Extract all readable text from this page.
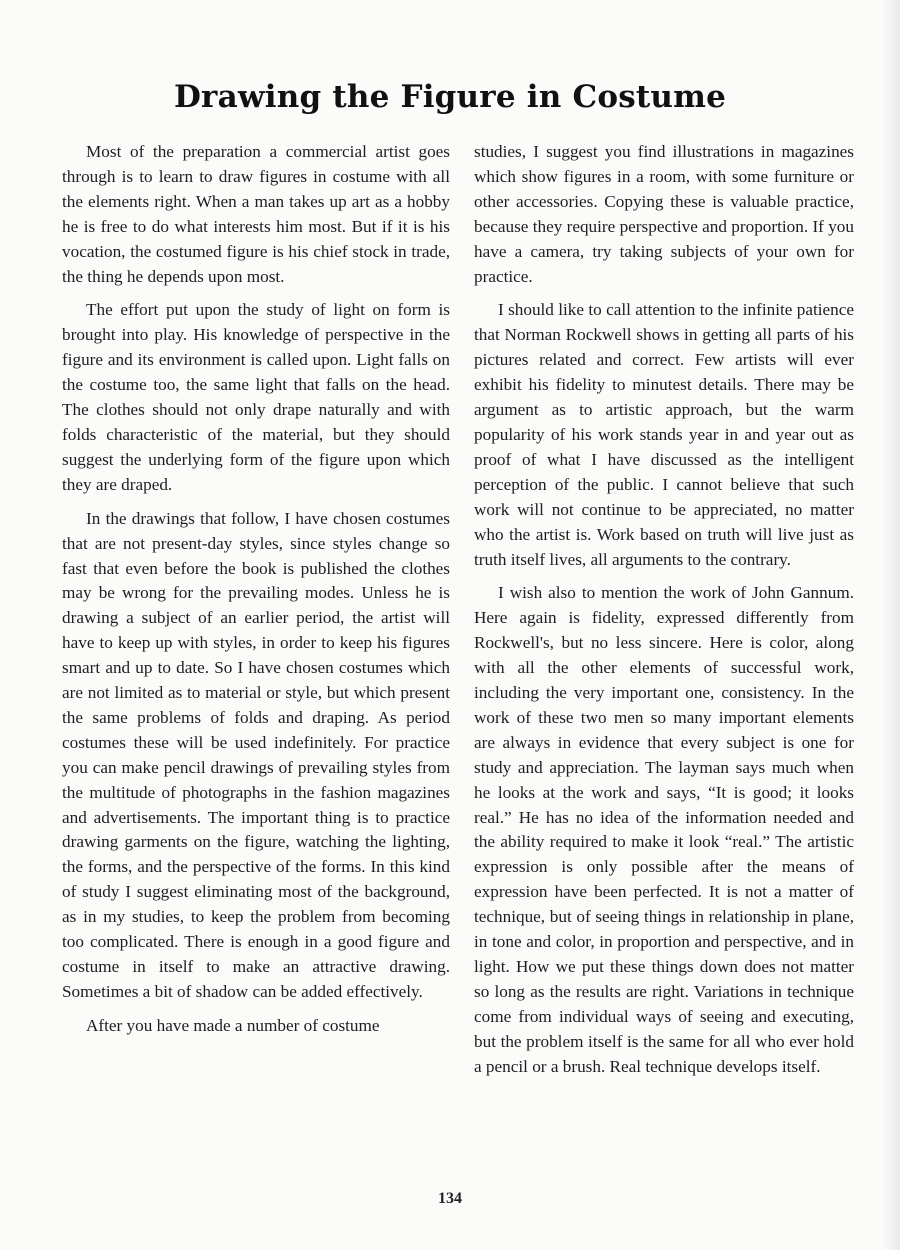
Drawing the Figure in Costume

Most of the preparation a commercial artist goes through is to learn to draw figures in costume with all the elements right. When a man takes up art as a hobby he is free to do what interests him most. But if it is his vocation, the costumed figure is his chief stock in trade, the thing he depends upon most.

The effort put upon the study of light on form is brought into play. His knowledge of perspective in the figure and its environment is called upon. Light falls on the costume too, the same light that falls on the head. The clothes should not only drape naturally and with folds characteristic of the material, but they should suggest the underlying form of the figure upon which they are draped.

In the drawings that follow, I have chosen costumes that are not present-day styles, since styles change so fast that even before the book is published the clothes may be wrong for the prevailing modes. Unless he is drawing a subject of an earlier period, the artist will have to keep up with styles, in order to keep his figures smart and up to date. So I have chosen costumes which are not limited as to material or style, but which present the same problems of folds and draping. As period costumes these will be used indefinitely. For practice you can make pencil drawings of prevailing styles from the multitude of photographs in the fashion magazines and advertisements. The important thing is to practice drawing garments on the figure, watching the lighting, the forms, and the perspective of the forms. In this kind of study I suggest eliminating most of the background, as in my studies, to keep the problem from becoming too complicated. There is enough in a good figure and costume in itself to make an attractive drawing. Sometimes a bit of shadow can be added effectively.

After you have made a number of costume

studies, I suggest you find illustrations in magazines which show figures in a room, with some furniture or other accessories. Copying these is valuable practice, because they require perspective and proportion. If you have a camera, try taking subjects of your own for practice.

I should like to call attention to the infinite patience that Norman Rockwell shows in getting all parts of his pictures related and correct. Few artists will ever exhibit his fidelity to minutest details. There may be argument as to artistic approach, but the warm popularity of his work stands year in and year out as proof of what I have discussed as the intelligent perception of the public. I cannot believe that such work will not continue to be appreciated, no matter who the artist is. Work based on truth will live just as truth itself lives, all arguments to the contrary.

I wish also to mention the work of John Gannum. Here again is fidelity, expressed differently from Rockwell's, but no less sincere. Here is color, along with all the other elements of successful work, including the very important one, consistency. In the work of these two men so many important elements are always in evidence that every subject is one for study and appreciation. The layman says much when he looks at the work and says, “It is good; it looks real.” He has no idea of the information needed and the ability required to make it look “real.” The artistic expression is only possible after the means of expression have been perfected. It is not a matter of technique, but of seeing things in relationship in plane, in tone and color, in proportion and perspective, and in light. How we put these things down does not matter so long as the results are right. Variations in technique come from individual ways of seeing and executing, but the problem itself is the same for all who ever hold a pencil or a brush. Real technique develops itself.

134
